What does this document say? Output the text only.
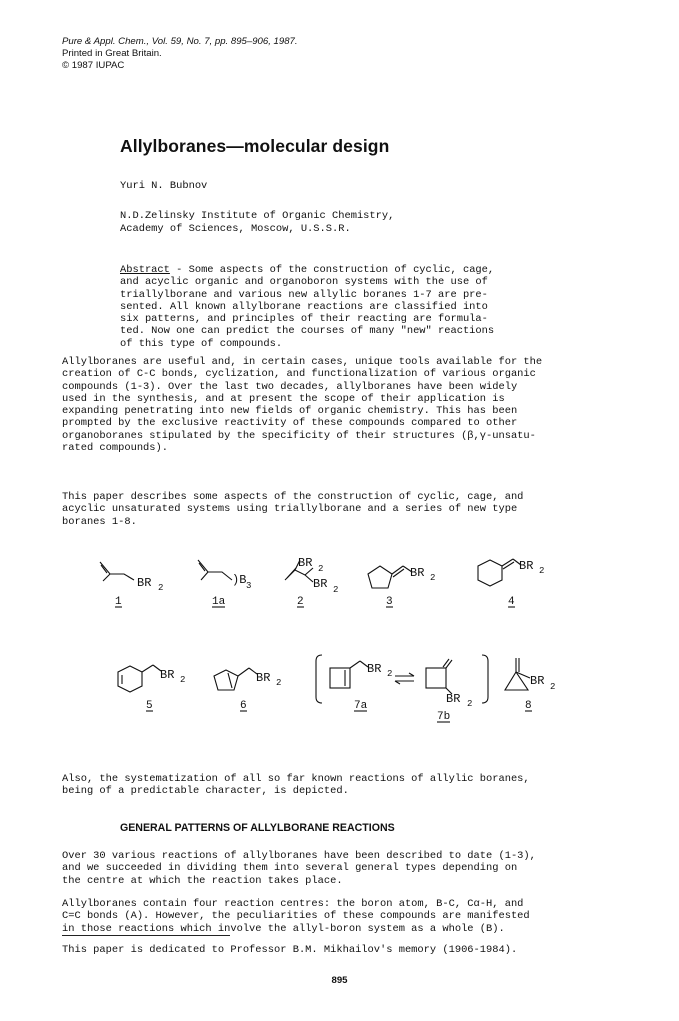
Pure & Appl. Chem., Vol. 59, No. 7, pp. 895–906, 1987.
Printed in Great Britain.
© 1987 IUPAC
Allylboranes—molecular design
Yuri N. Bubnov
N.D.Zelinsky Institute of Organic Chemistry,
Academy of Sciences, Moscow, U.S.S.R.
Abstract - Some aspects of the construction of cyclic, cage,
and acyclic organic and organoboron systems with the use of
triallylborane and various new allylic boranes 1-7 are pre-
sented. All known allylborane reactions are classified into
six patterns, and principles of their reacting are formula-
ted. Now one can predict the courses of many "new" reactions
of this type of compounds.
Allylboranes are useful and, in certain cases, unique tools available for the
creation of C-C bonds, cyclization, and functionalization of various organic
compounds (1-3). Over the last two decades, allylboranes have been widely
used in the synthesis, and at present the scope of their application is
expanding penetrating into new fields of organic chemistry. This has been
prompted by the exclusive reactivity of these compounds compared to other
organoboranes stipulated by the specificity of their structures (β,γ-unsatu-
rated compounds).
This paper describes some aspects of the construction of cyclic, cage, and
acyclic unsaturated systems using triallylborane and a series of new type
boranes 1-8.
BR 2
1
)B 3
1a
BR 2
BR 2
2
BR 2
3
BR 2
4
BR 2
5
BR 2
6
BR 2
7a	BR 2
7b
BR 2
8
Also, the systematization of all so far known reactions of allylic boranes,
being of a predictable character, is depicted.
GENERAL PATTERNS OF ALLYLBORANE REACTIONS
Over 30 various reactions of allylboranes have been described to date (1-3),
and we succeeded in dividing them into several general types depending on
the centre at which the reaction takes place.
Allylboranes contain four reaction centres: the boron atom, B-C, Cα-H, and
C=C bonds (A). However, the peculiarities of these compounds are manifested
in those reactions which involve the allyl-boron system as a whole (B).
This paper is dedicated to Professor B.M. Mikhailov's memory (1906-1984).
895
